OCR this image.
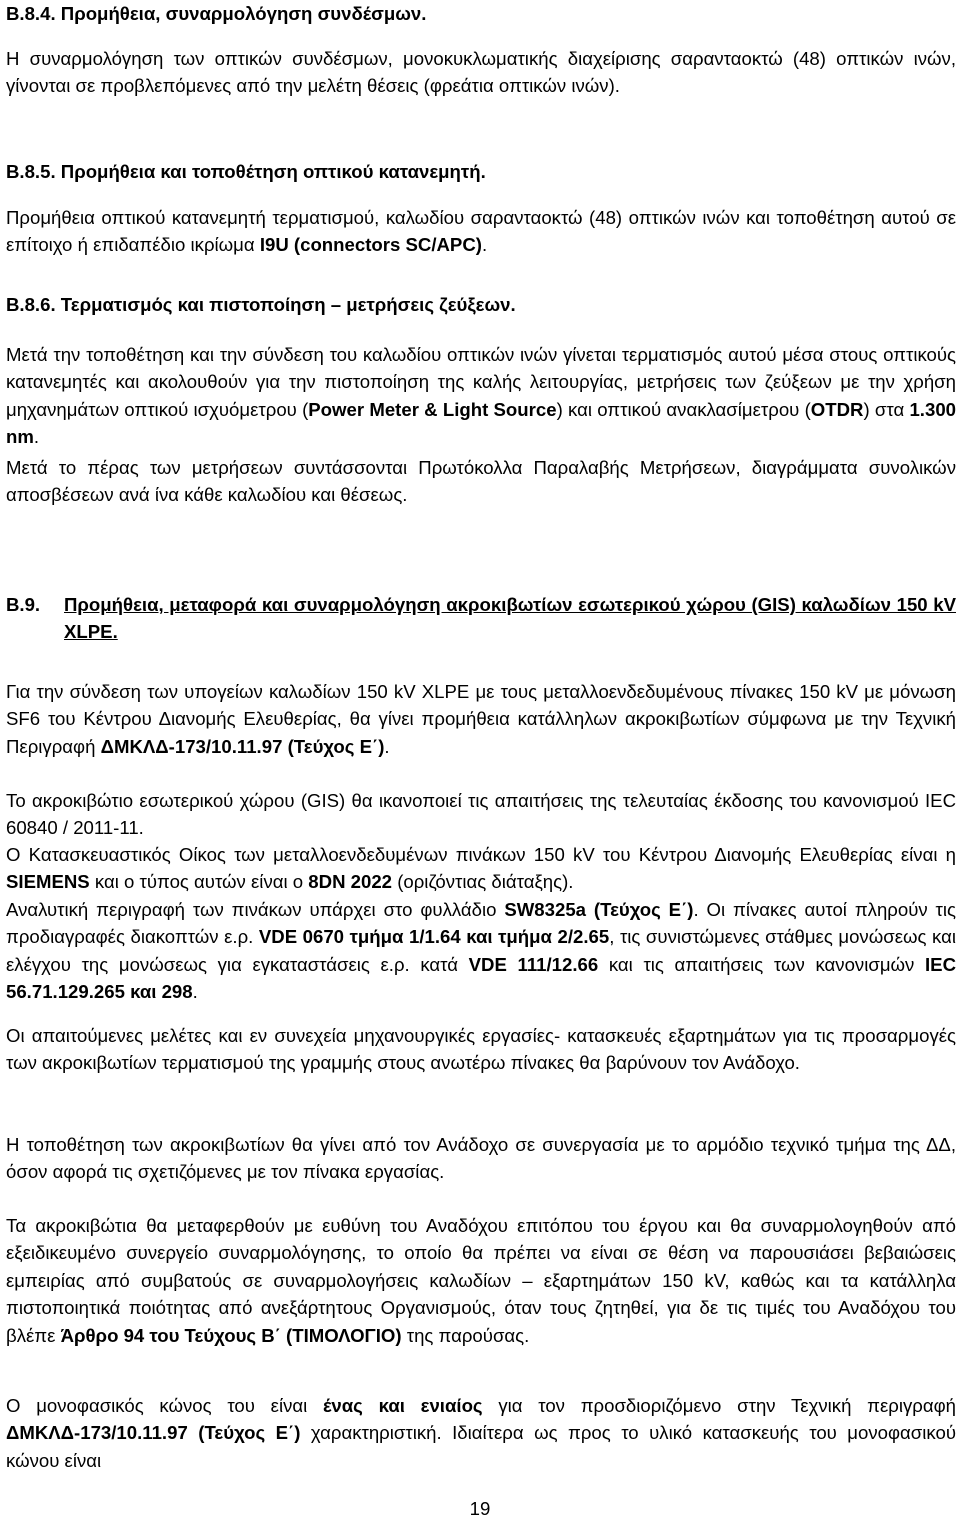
B.8.4. Προμήθεια, συναρμολόγηση συνδέσμων.
Η συναρμολόγηση των οπτικών συνδέσμων, μονοκυκλωματικής διαχείρισης σαρανταοκτώ (48) οπτικών ινών, γίνονται σε προβλεπόμενες από την μελέτη θέσεις (φρεάτια οπτικών ινών).
B.8.5. Προμήθεια και τοποθέτηση οπτικού κατανεμητή.
Προμήθεια οπτικού κατανεμητή τερματισμού, καλωδίου σαρανταοκτώ (48) οπτικών ινών και τοποθέτηση αυτού σε επίτοιχο ή επιδαπέδιο ικρίωμα I9U (connectors SC/APC).
B.8.6. Τερματισμός και πιστοποίηση – μετρήσεις ζεύξεων.
Μετά την τοποθέτηση και την σύνδεση του καλωδίου οπτικών ινών γίνεται τερματισμός αυτού μέσα στους οπτικούς κατανεμητές και ακολουθούν για την πιστοποίηση της καλής λειτουργίας, μετρήσεις των ζεύξεων με την χρήση μηχανημάτων οπτικού ισχυόμετρου (Power Meter & Light Source) και οπτικού ανακλασίμετρου (OTDR) στα 1.300 nm.
Μετά το πέρας των μετρήσεων συντάσσονται Πρωτόκολλα Παραλαβής Μετρήσεων, διαγράμματα συνολικών αποσβέσεων ανά ίνα κάθε καλωδίου και θέσεως.
B.9.	Προμήθεια, μεταφορά και συναρμολόγηση ακροκιβωτίων εσωτερικού χώρου (GIS) καλωδίων 150 kV XLPE.
Για την σύνδεση των υπογείων καλωδίων 150 kV XLPE με τους μεταλλοενδεδυμένους πίνακες 150 kV με μόνωση SF6 του Κέντρου Διανομής Ελευθερίας, θα γίνει προμήθεια κατάλληλων ακροκιβωτίων σύμφωνα με την Τεχνική Περιγραφή ΔΜΚΛΔ-173/10.11.97 (Τεύχος Ε΄).
Το ακροκιβώτιο εσωτερικού χώρου (GIS) θα ικανοποιεί τις απαιτήσεις της τελευταίας έκδοσης του κανονισμού IEC 60840 / 2011-11.
Ο Κατασκευαστικός Οίκος των μεταλλοενδεδυμένων πινάκων 150 kV του Κέντρου Διανομής Ελευθερίας είναι η SIEMENS και ο τύπος αυτών είναι ο 8DN 2022 (οριζόντιας διάταξης).
Αναλυτική περιγραφή των πινάκων υπάρχει στο φυλλάδιο SW8325a (Τεύχος Ε΄). Οι πίνακες αυτοί πληρούν τις προδιαγραφές διακοπτών ε.ρ. VDE 0670 τμήμα 1/1.64 και τμήμα 2/2.65, τις συνιστώμενες στάθμες μονώσεως και ελέγχου της μονώσεως για εγκαταστάσεις ε.ρ. κατά VDE 111/12.66 και τις απαιτήσεις των κανονισμών IEC 56.71.129.265 και 298.
Οι απαιτούμενες μελέτες και εν συνεχεία μηχανουργικές εργασίες- κατασκευές εξαρτημάτων για τις προσαρμογές των ακροκιβωτίων τερματισμού της γραμμής στους ανωτέρω πίνακες θα βαρύνουν τον Ανάδοχο.
Η τοποθέτηση των ακροκιβωτίων θα γίνει από τον Ανάδοχο σε συνεργασία με το αρμόδιο τεχνικό τμήμα της ΔΔ, όσον αφορά τις σχετιζόμενες με τον πίνακα εργασίας.
Τα ακροκιβώτια θα μεταφερθούν με ευθύνη του Αναδόχου επιτόπου του έργου και θα συναρμολογηθούν από εξειδικευμένο συνεργείο συναρμολόγησης, το οποίο θα πρέπει να είναι σε θέση να παρουσιάσει βεβαιώσεις εμπειρίας από συμβατούς σε συναρμολογήσεις καλωδίων – εξαρτημάτων 150 kV, καθώς και τα κατάλληλα πιστοποιητικά ποιότητας από ανεξάρτητους Οργανισμούς, όταν τους ζητηθεί, για δε τις τιμές του Αναδόχου του βλέπε Άρθρο 94 του Τεύχους Β΄ (ΤΙΜΟΛΟΓΙΟ) της παρούσας.
Ο μονοφασικός κώνος του είναι ένας και ενιαίος για τον προσδιοριζόμενο στην Τεχνική περιγραφή ΔΜΚΛΔ-173/10.11.97 (Τεύχος Ε΄) χαρακτηριστική. Ιδιαίτερα ως προς το υλικό κατασκευής του μονοφασικού κώνου είναι
19
